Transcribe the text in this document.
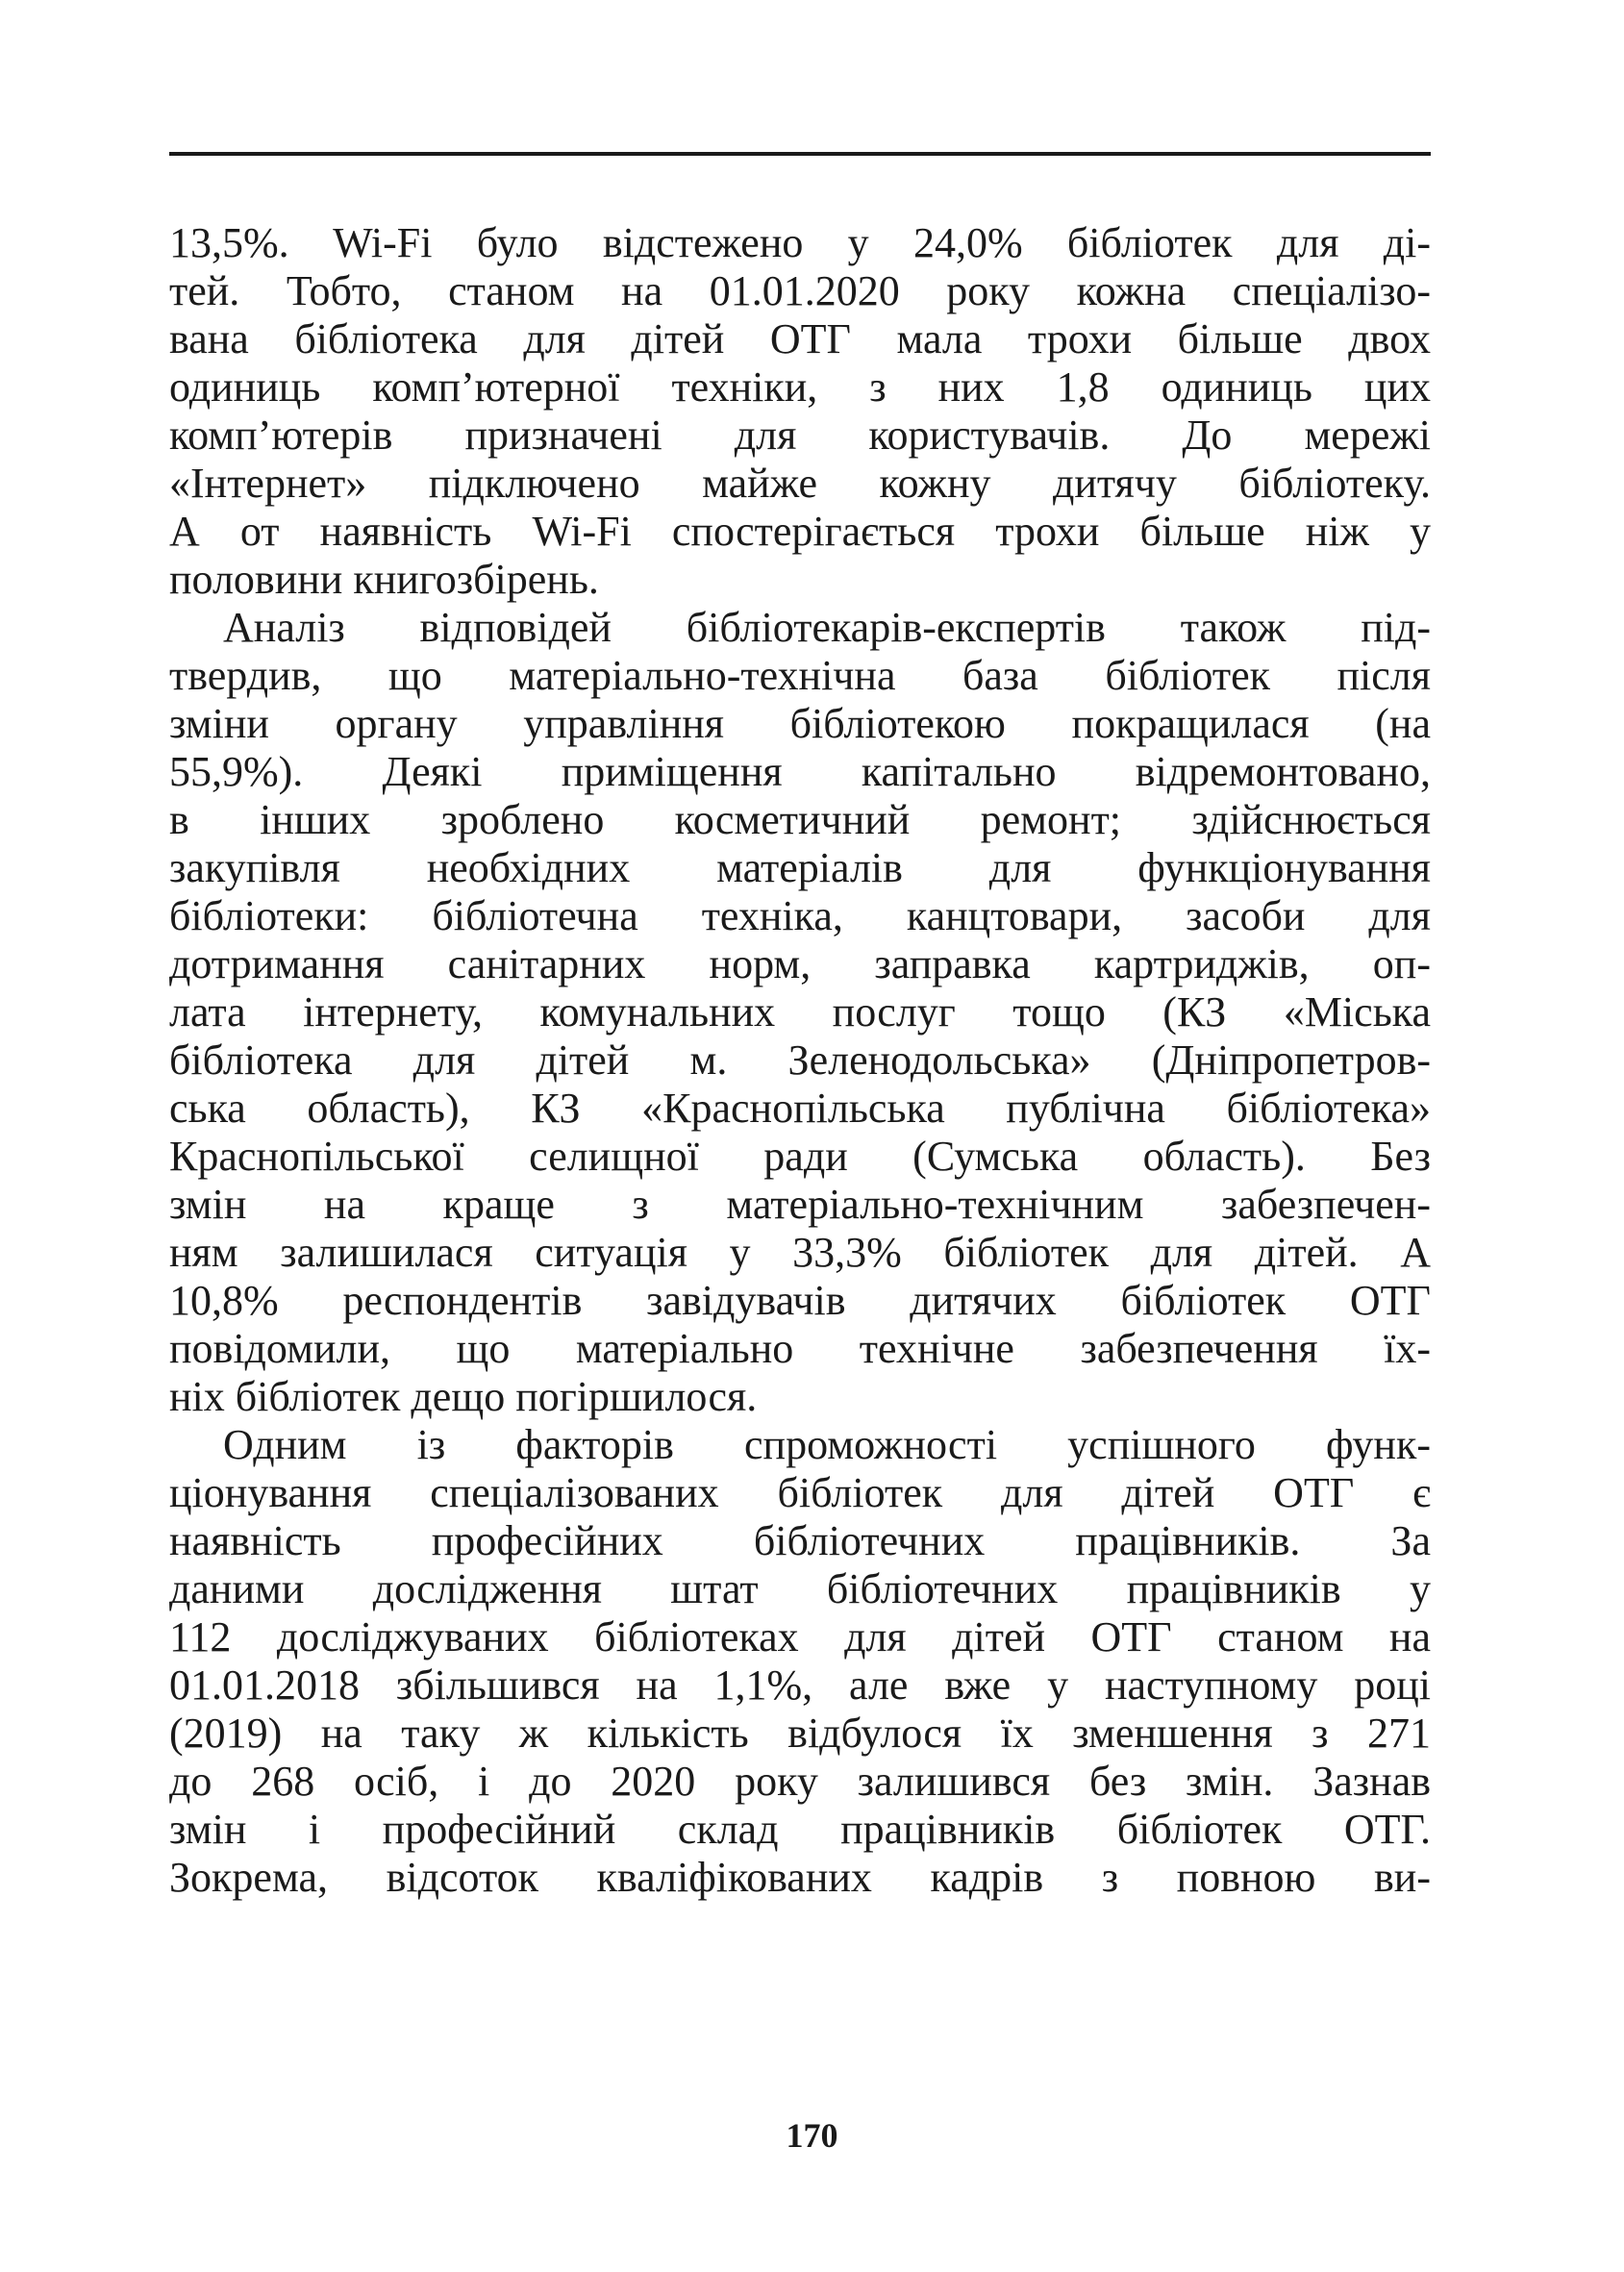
13,5%. Wi-Fi було відстежено у 24,0% бібліотек для ді-
тей. Тобто, станом на 01.01.2020 року кожна спеціалізо-
вана бібліотека для дітей ОТГ мала трохи більше двох
одиниць комп’ютерної техніки, з них 1,8 одиниць цих
комп’ютерів призначені для користувачів. До мережі
«Інтернет» підключено майже кожну дитячу бібліотеку.
А от наявність Wi-Fi спостерігається трохи більше ніж у
половини книгозбірень.
Аналіз відповідей бібліотекарів-експертів також під-
твердив, що матеріально-технічна база бібліотек після
зміни органу управління бібліотекою покращилася (на
55,9%). Деякі приміщення капітально відремонтовано,
в інших зроблено косметичний ремонт; здійснюється
закупівля необхідних матеріалів для функціонування
бібліотеки: бібліотечна техніка, канцтовари, засоби для
дотримання санітарних норм, заправка картриджів, оп-
лата інтернету, комунальних послуг тощо (КЗ «Міська
бібліотека для дітей м. Зеленодольська» (Дніпропетров-
ська область), КЗ «Краснопільська публічна бібліотека»
Краснопільської селищної ради (Сумська область). Без
змін на краще з матеріально-технічним забезпечен-
ням залишилася ситуація у 33,3% бібліотек для дітей. А
10,8% респондентів завідувачів дитячих бібліотек ОТГ
повідомили, що матеріально технічне забезпечення їх-
ніх бібліотек дещо погіршилося.
Одним із факторів спроможності успішного функ-
ціонування спеціалізованих бібліотек для дітей ОТГ є
наявність професійних бібліотечних працівників. За
даними дослідження штат бібліотечних працівників у
112 досліджуваних бібліотеках для дітей ОТГ станом на
01.01.2018 збільшився на 1,1%, але вже у наступному році
(2019) на таку ж кількість відбулося їх зменшення з 271
до 268 осіб, і до 2020 року залишився без змін. Зазнав
змін і професійний склад працівників бібліотек ОТГ.
Зокрема, відсоток кваліфікованих кадрів з повною ви-
170
